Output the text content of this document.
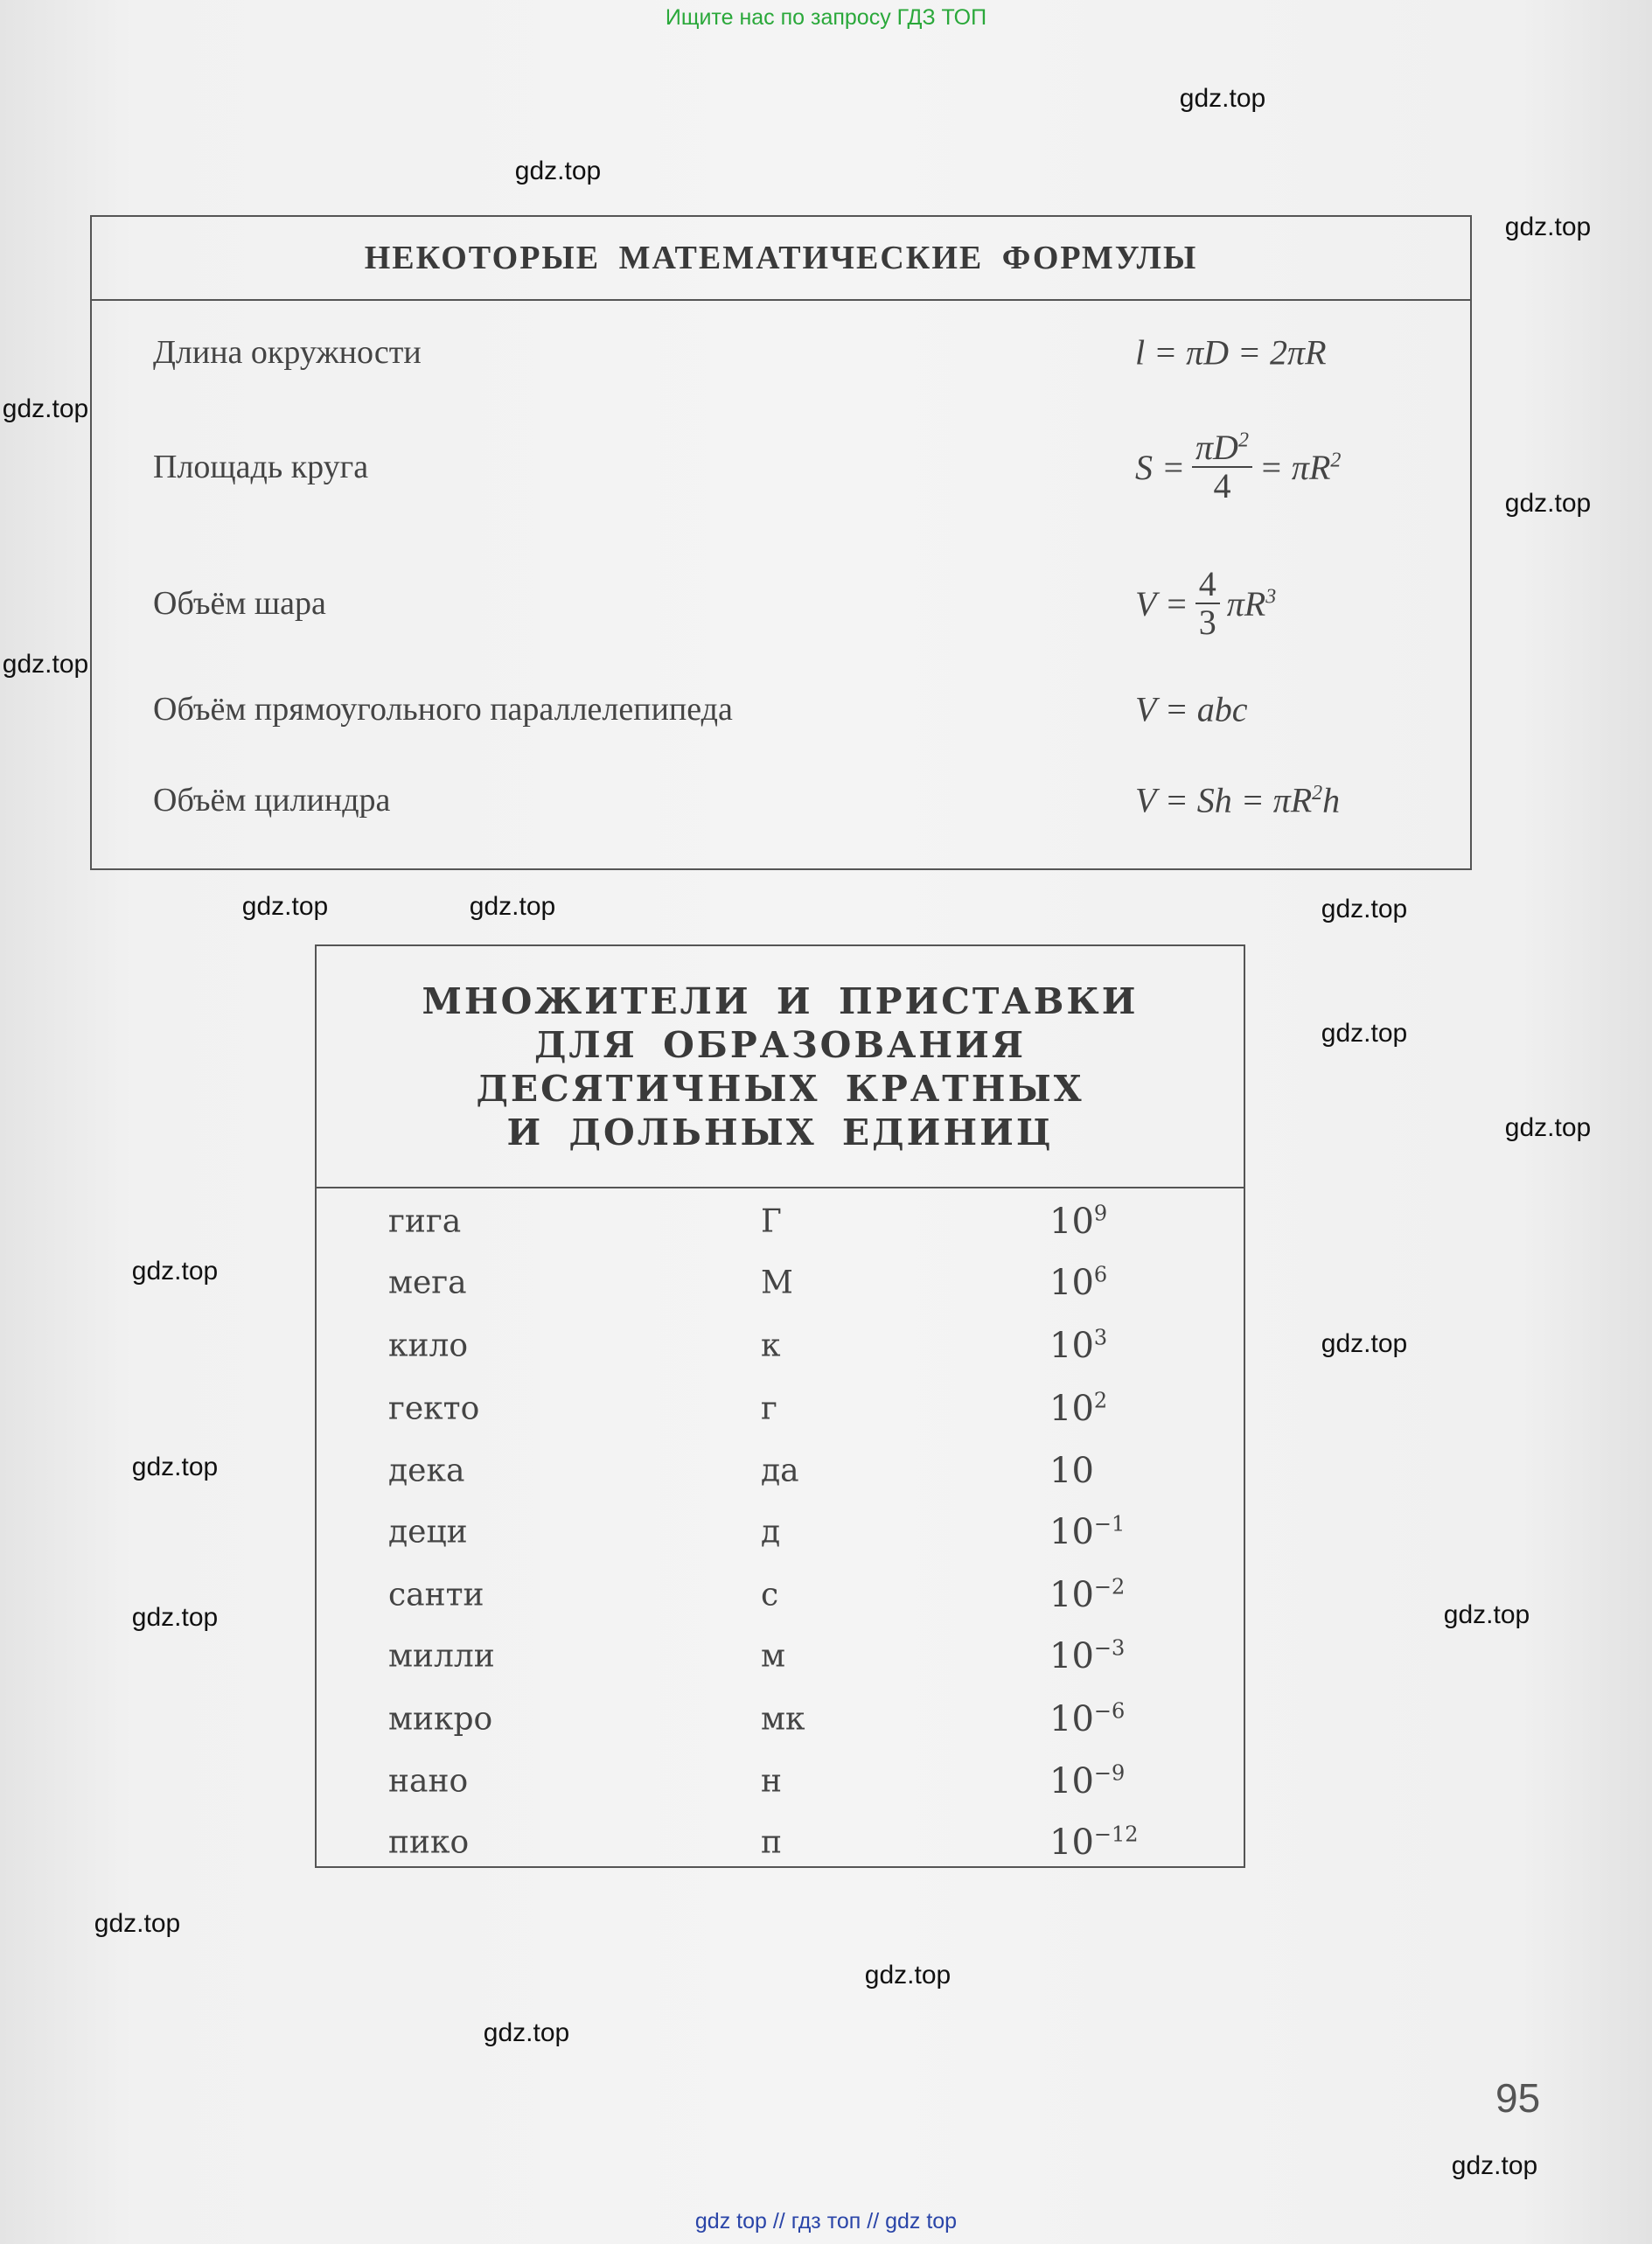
Ищите нас по запросу ГДЗ ТОП
НЕКОТОРЫЕ МАТЕМАТИЧЕСКИЕ ФОРМУЛЫ
Длина окружности	l = πD = 2πR
Площадь круга	$S = \frac{\pi D^2}{4} = \pi R^2$
Объём шара	$V = \frac{4}{3} \pi R^3$
Объём прямоугольного параллелепипеда	V = abc
Объём цилиндра	$V = Sh = \pi R^2h$
МНОЖИТЕЛИ И ПРИСТАВКИ
ДЛЯ ОБРАЗОВАНИЯ
ДЕСЯТИЧНЫХ КРАТНЫХ
И ДОЛЬНЫХ ЕДИНИЦ
гига	Г	$10^9$
мега	М	$10^6$
кило	к	$10^3$
гекто	г	$10^2$
дека	да	10
деци	д	$10^{-1}$
санти	с	$10^{-2}$
милли	м	$10^{-3}$
микро	мк	$10^{-6}$
нано	н	$10^{-9}$
пико	п	$10^{-12}$
95
gdz.top
gdz.top
gdz.top
gdz.top
gdz.top
gdz.top
gdz.top	gdz.top
gdz.top
gdz.top
gdz.top
gdz.top
gdz.top
gdz.top
gdz.top	gdz.top
gdz.top
gdz.top
gdz.top
gdz.top
gdz top // гдз топ // gdz top
